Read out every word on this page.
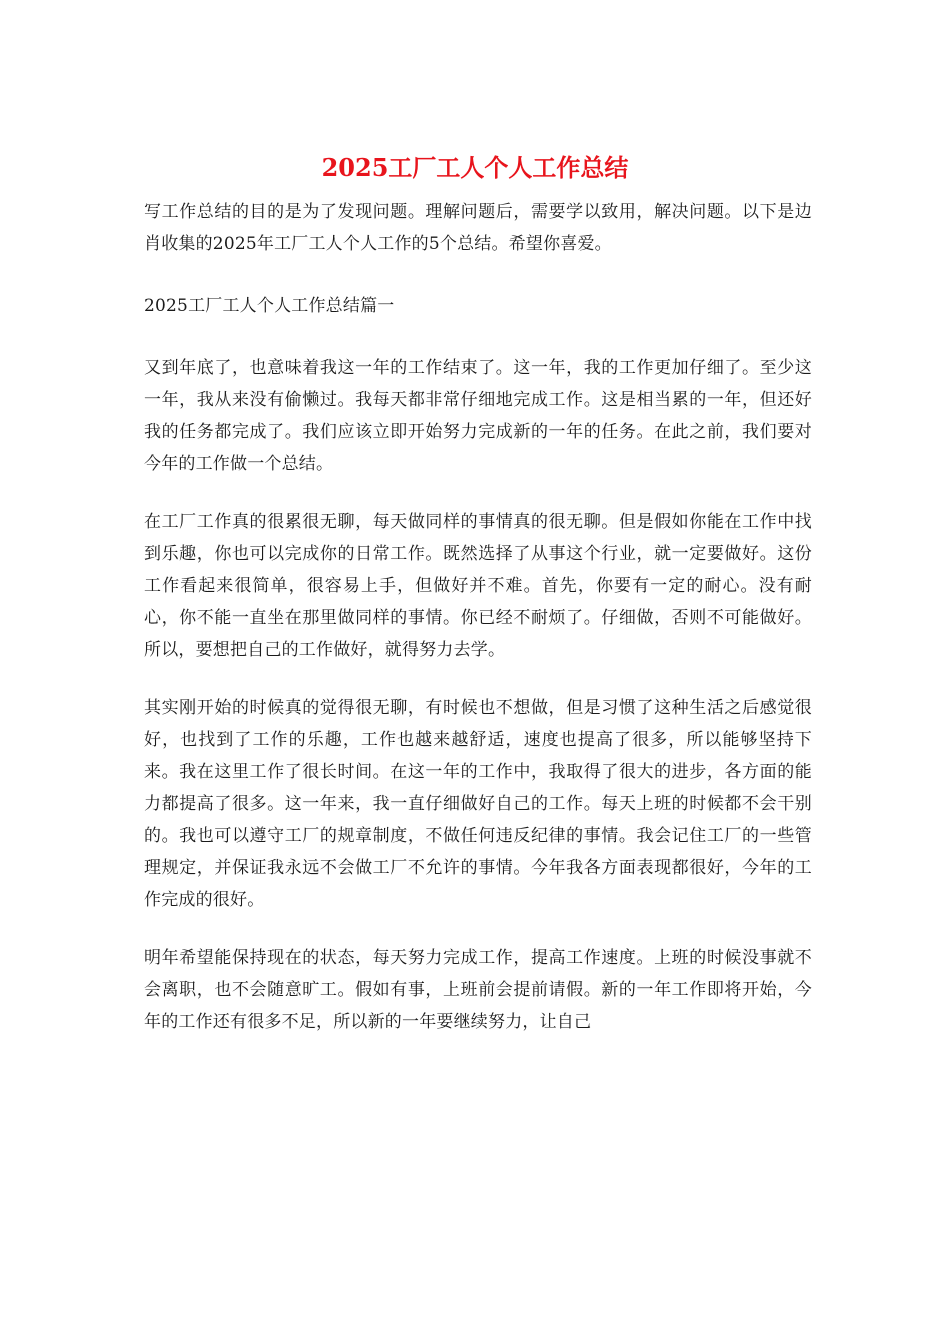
2025工厂工人个人工作总结

写工作总结的目的是为了发现问题。理解问题后，需要学以致用，解决问题。以下是边肖收集的2025年工厂工人个人工作的5个总结。希望你喜爱。

2025工厂工人个人工作总结篇一

又到年底了，也意味着我这一年的工作结束了。这一年，我的工作更加仔细了。至少这一年，我从来没有偷懒过。我每天都非常仔细地完成工作。这是相当累的一年，但还好我的任务都完成了。我们应该立即开始努力完成新的一年的任务。在此之前，我们要对今年的工作做一个总结。

在工厂工作真的很累很无聊，每天做同样的事情真的很无聊。但是假如你能在工作中找到乐趣，你也可以完成你的日常工作。既然选择了从事这个行业，就一定要做好。这份工作看起来很简单，很容易上手，但做好并不难。首先，你要有一定的耐心。没有耐心，你不能一直坐在那里做同样的事情。你已经不耐烦了。仔细做，否则不可能做好。所以，要想把自己的工作做好，就得努力去学。

其实刚开始的时候真的觉得很无聊，有时候也不想做，但是习惯了这种生活之后感觉很好，也找到了工作的乐趣，工作也越来越舒适，速度也提高了很多，所以能够坚持下来。我在这里工作了很长时间。在这一年的工作中，我取得了很大的进步，各方面的能力都提高了很多。这一年来，我一直仔细做好自己的工作。每天上班的时候都不会干别的。我也可以遵守工厂的规章制度，不做任何违反纪律的事情。我会记住工厂的一些管理规定，并保证我永远不会做工厂不允许的事情。今年我各方面表现都很好，今年的工作完成的很好。

明年希望能保持现在的状态，每天努力完成工作，提高工作速度。上班的时候没事就不会离职，也不会随意旷工。假如有事，上班前会提前请假。新的一年工作即将开始，今年的工作还有很多不足，所以新的一年要继续努力，让自己
